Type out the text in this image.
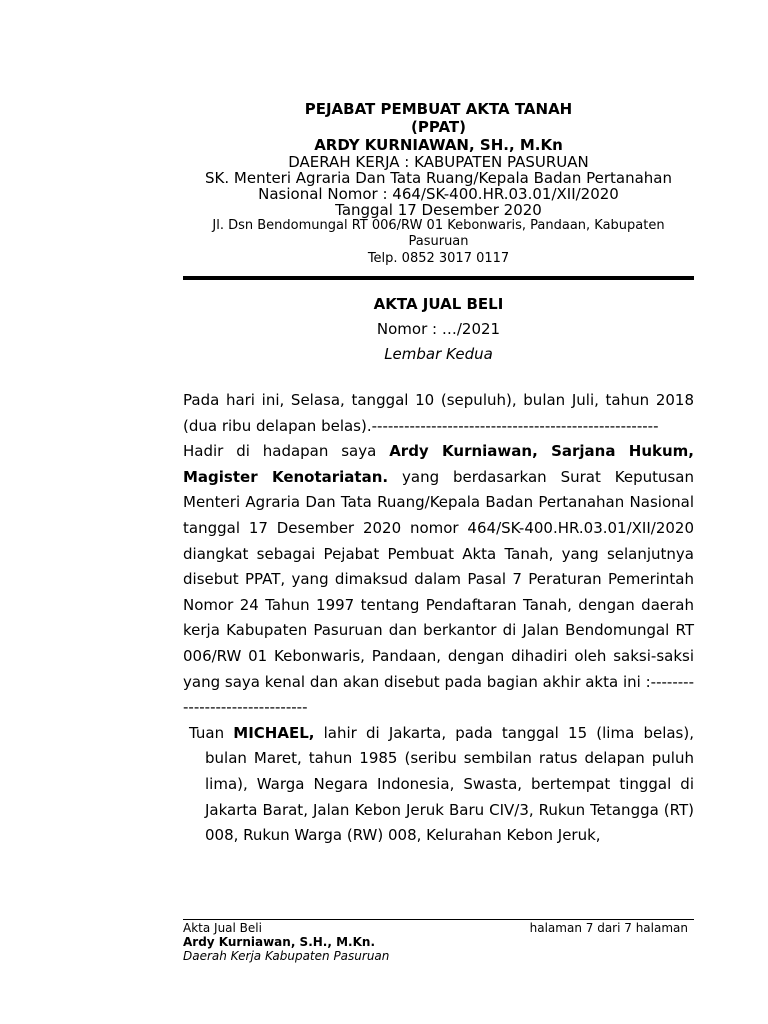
PEJABAT PEMBUAT AKTA TANAH
(PPAT)
ARDY KURNIAWAN, SH., M.Kn
DAERAH KERJA : KABUPATEN PASURUAN
SK. Menteri Agraria Dan Tata Ruang/Kepala Badan Pertanahan
Nasional Nomor : 464/SK-400.HR.03.01/XII/2020
Tanggal 17 Desember 2020
Jl. Dsn Bendomungal RT 006/RW 01 Kebonwaris, Pandaan, Kabupaten Pasuruan
Telp. 0852 3017 0117
AKTA JUAL BELI
Nomor : …/2021
Lembar Kedua

Pada hari ini, Selasa, tanggal 10 (sepuluh), bulan Juli, tahun 2018 (dua ribu delapan belas).-----------------------------------------------------

Hadir di hadapan saya Ardy Kurniawan, Sarjana Hukum, Magister Kenotariatan. yang berdasarkan Surat Keputusan Menteri Agraria Dan Tata Ruang/Kepala Badan Pertanahan Nasional tanggal 17 Desember 2020 nomor 464/SK-400.HR.03.01/XII/2020 diangkat sebagai Pejabat Pembuat Akta Tanah, yang selanjutnya disebut PPAT, yang dimaksud dalam Pasal 7 Peraturan Pemerintah Nomor 24 Tahun 1997 tentang Pendaftaran Tanah, dengan daerah kerja Kabupaten Pasuruan dan berkantor di Jalan Bendomungal RT 006/RW 01 Kebonwaris, Pandaan, dengan dihadiri oleh saksi-saksi yang saya kenal dan akan disebut pada bagian akhir akta ini :-------------------------------

Tuan MICHAEL, lahir di Jakarta, pada tanggal 15 (lima belas), bulan Maret, tahun 1985 (seribu sembilan ratus delapan puluh lima), Warga Negara Indonesia, Swasta, bertempat tinggal di Jakarta Barat, Jalan Kebon Jeruk Baru CIV/3, Rukun Tetangga (RT) 008, Rukun Warga (RW) 008, Kelurahan Kebon Jeruk,

Akta Jual Beli	halaman 7 dari 7 halaman
Ardy Kurniawan, S.H., M.Kn.
Daerah Kerja Kabupaten Pasuruan
